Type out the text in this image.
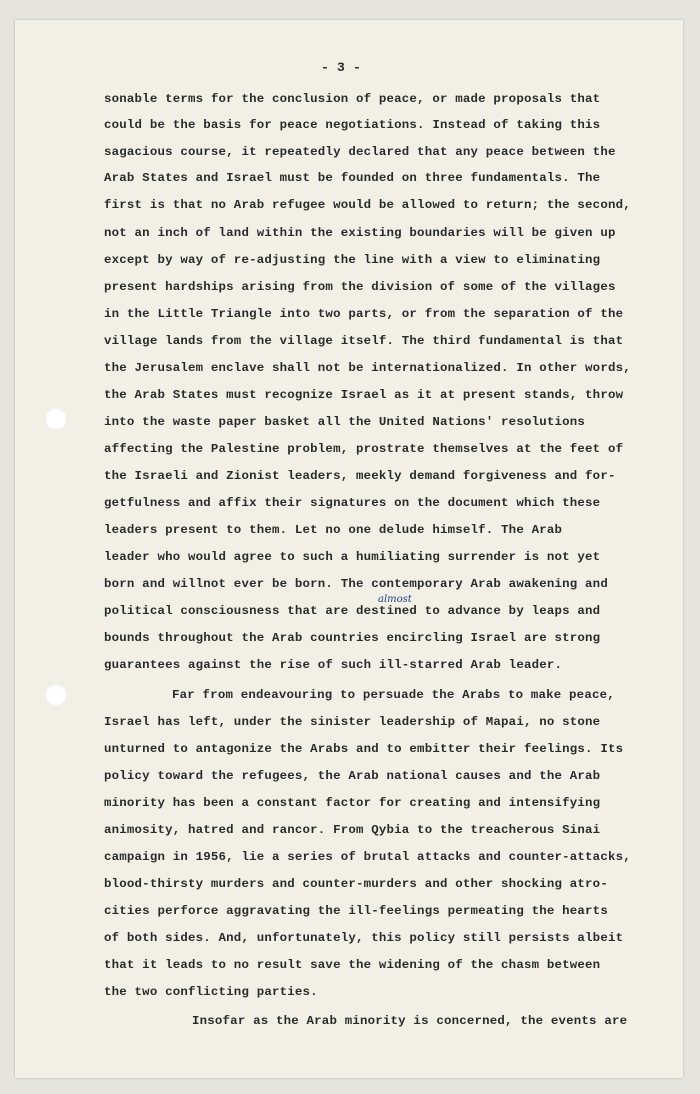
- 3 -
sonable terms for the conclusion of peace, or made proposals that
could be the basis for peace negotiations. Instead of taking this
sagacious course, it repeatedly declared that any peace between the
Arab States and Israel must be founded on three fundamentals. The
first is that no Arab refugee would be allowed to return; the second,
not an inch of land within the existing boundaries will be given up
except by way of re-adjusting the line with a view to eliminating
present hardships arising from the division of some of the villages
in the Little Triangle into two parts, or from the separation of the
village lands from the village itself. The third fundamental is that
the Jerusalem enclave shall not be internationalized. In other words,
the Arab States must recognize Israel as it at present stands, throw
into the waste paper basket all the United Nations' resolutions
affecting the Palestine problem, prostrate themselves at the feet of
the Israeli and Zionist leaders, meekly demand forgiveness and for-
getfulness and affix their signatures on the document which these
leaders present to them. Let no one delude himself. The Arab
leader who would agree to such a humiliating surrender is not yet
born and willnot ever be born. The contemporary Arab awakening and
political consciousness that are destined to advance by leaps and
bounds throughout the Arab countries encircling Israel are strong
guarantees against the rise of such ill-starred Arab leader.
Far from endeavouring to persuade the Arabs to make peace,
Israel has left, under the sinister leadership of Mapai, no stone
unturned to antagonize the Arabs and to embitter their feelings. Its
policy toward the refugees, the Arab national causes and the Arab
minority has been a constant factor for creating and intensifying
animosity, hatred and rancor. From Qybia to the treacherous Sinai
campaign in 1956, lie a series of brutal attacks and counter-attacks,
blood-thirsty murders and counter-murders and other shocking atro-
cities perforce aggravating the ill-feelings permeating the hearts
of both sides. And, unfortunately, this policy still persists albeit
that it leads to no result save the widening of the chasm between
the two conflicting parties.
Insofar as the Arab minority is concerned, the events are
almost
